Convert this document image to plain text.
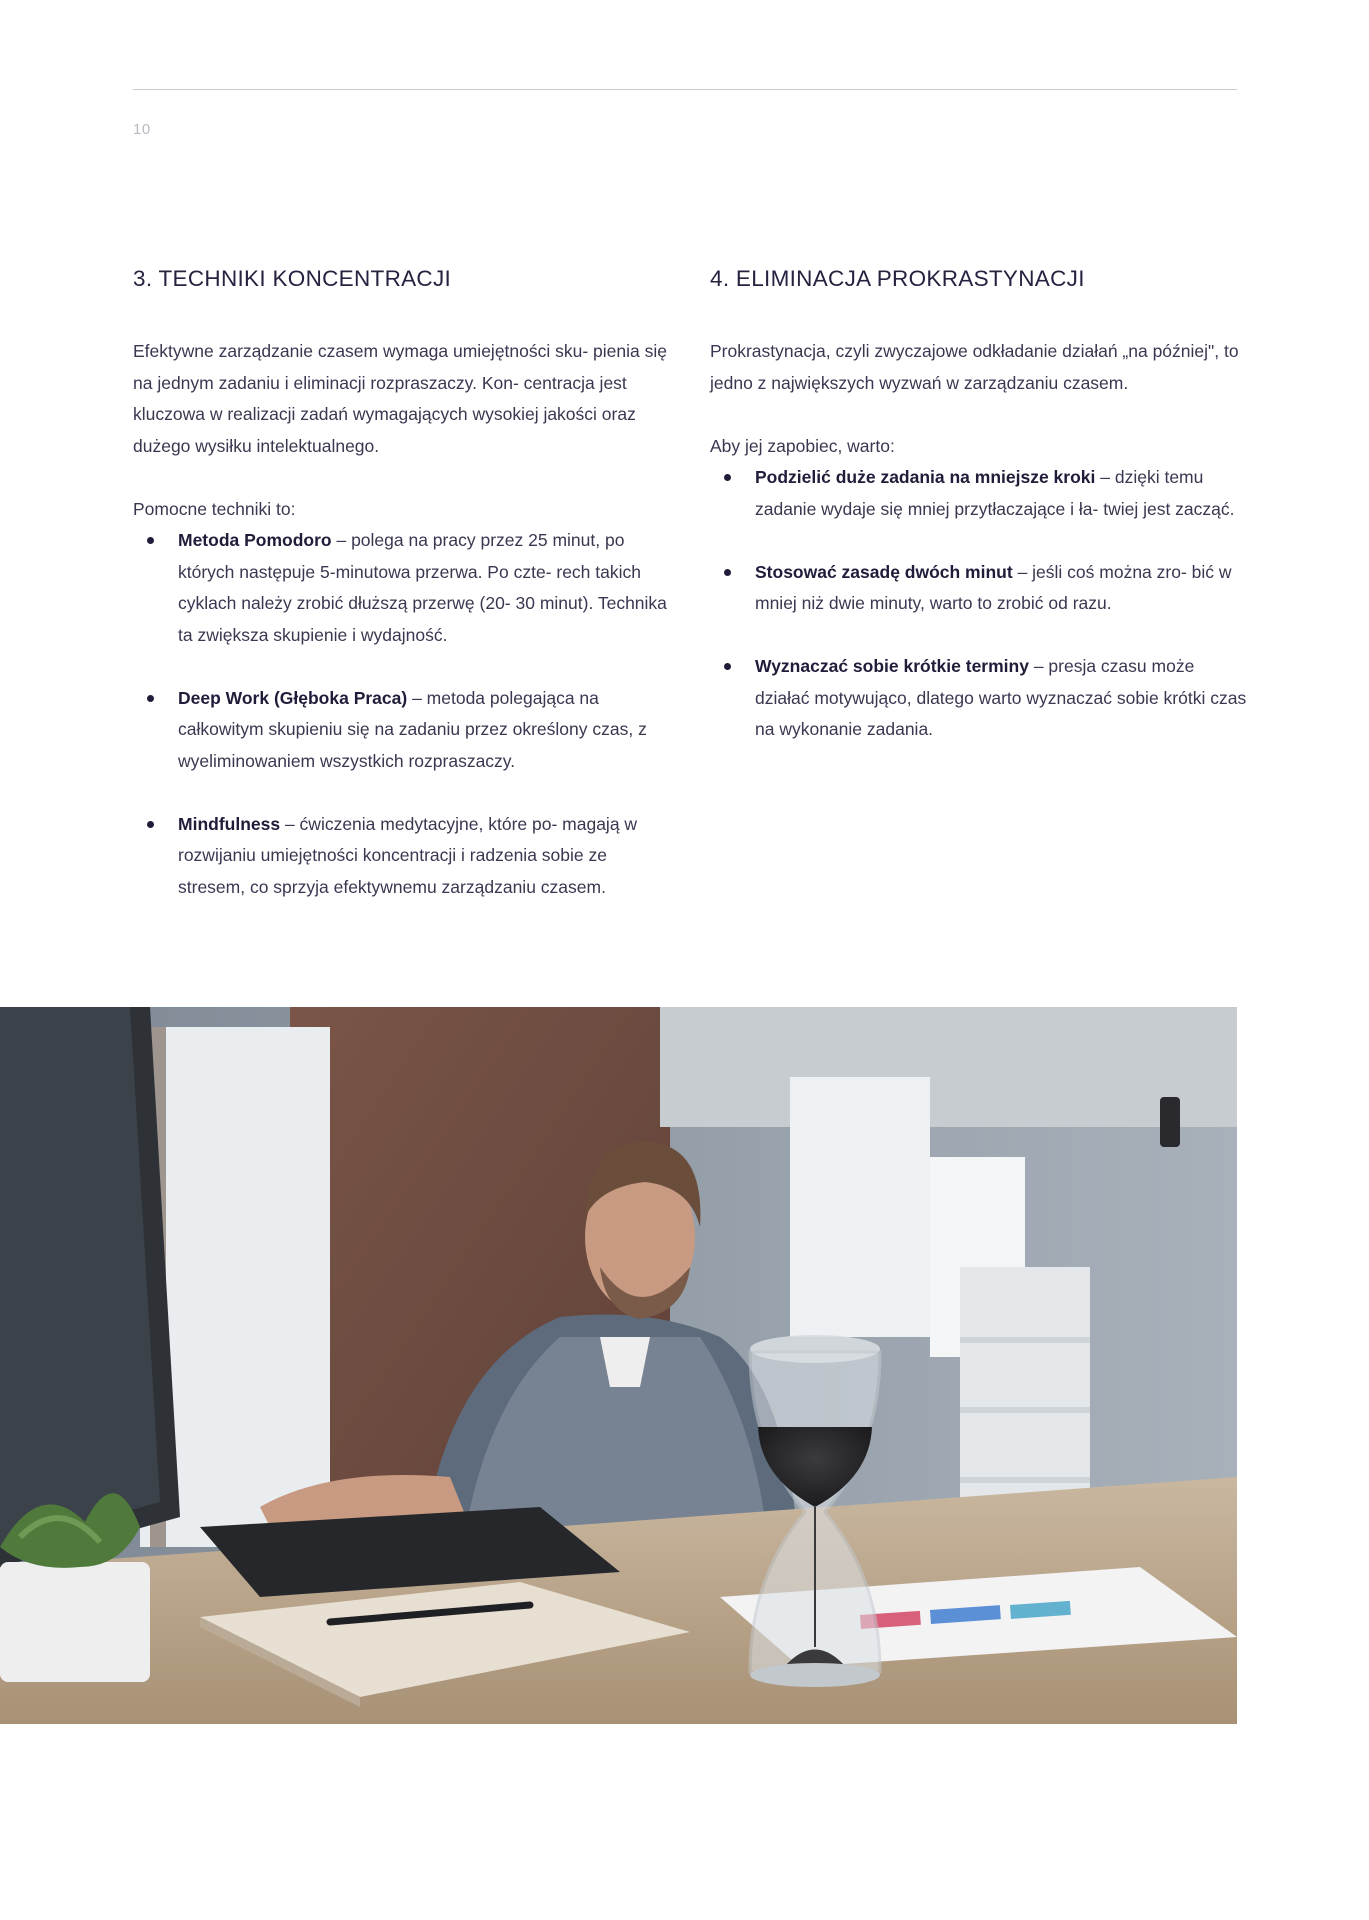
10
3. TECHNIKI KONCENTRACJI

Efektywne zarządzanie czasem wymaga umiejętności sku- pienia się na jednym zadaniu i eliminacji rozpraszaczy. Kon- centracja jest kluczowa w realizacji zadań wymagających wysokiej jakości oraz dużego wysiłku intelektualnego.

Pomocne techniki to:

Metoda Pomodoro – polega na pracy przez 25 minut, po których następuje 5-minutowa przerwa. Po czte- rech takich cyklach należy zrobić dłuższą przerwę (20- 30 minut). Technika ta zwiększa skupienie i wydajność.
Deep Work (Głęboka Praca) – metoda polegająca na całkowitym skupieniu się na zadaniu przez określony czas, z wyeliminowaniem wszystkich rozpraszaczy.
Mindfulness – ćwiczenia medytacyjne, które po- magają w rozwijaniu umiejętności koncentracji i radzenia sobie ze stresem, co sprzyja efektywnemu zarządzaniu czasem.
4. ELIMINACJA PROKRASTYNACJI

Prokrastynacja, czyli zwyczajowe odkładanie działań „na później", to jedno z największych wyzwań w zarządzaniu czasem.

Aby jej zapobiec, warto:

Podzielić duże zadania na mniejsze kroki – dzięki temu zadanie wydaje się mniej przytłaczające i ła- twiej jest zacząć.
Stosować zasadę dwóch minut – jeśli coś można zro- bić w mniej niż dwie minuty, warto to zrobić od razu.
Wyznaczać sobie krótkie terminy – presja czasu może działać motywująco, dlatego warto wyznaczać sobie krótki czas na wykonanie zadania.
